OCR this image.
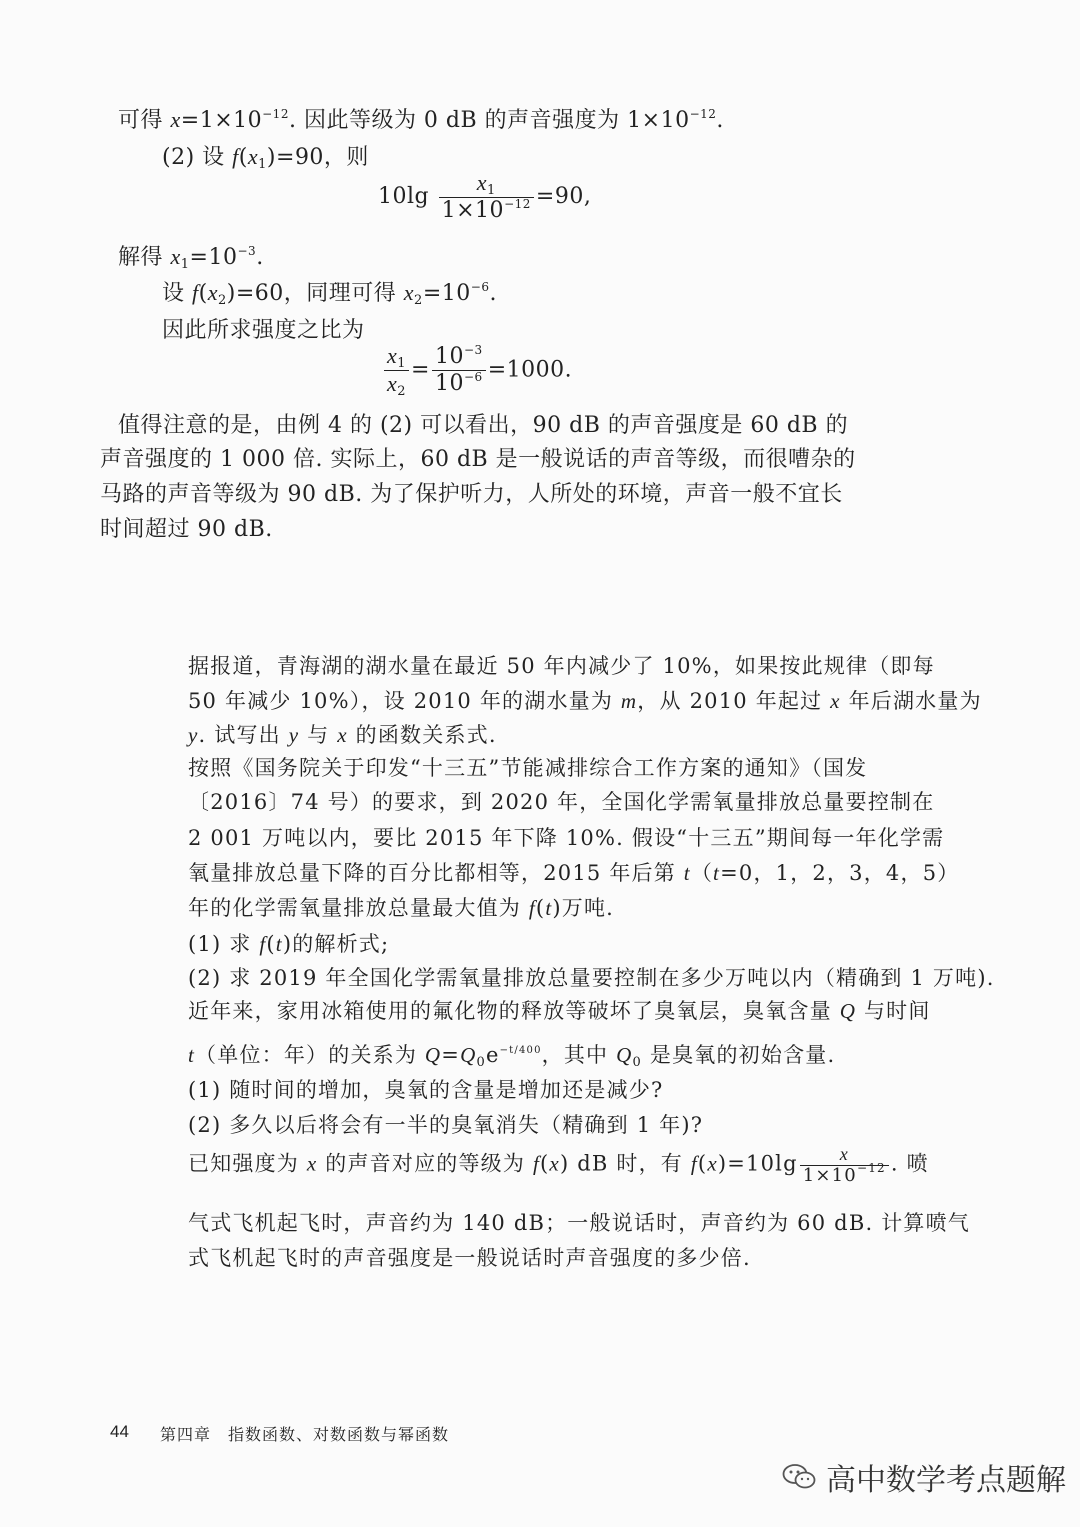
可得 $x=1\times 10^{-12}$. 因此等级为 0 dB 的声音强度为 $1\times 10^{-12}$.
(2) 设 $f(x_1)=90$，则
$10\lg \frac{x_1}{1\times 10^{-12}} =90$,
解得 $x_1=10^{-3}$.
设 $f(x_2)=60$，同理可得 $x_2=10^{-6}$.
因此所求强度之比为
$\frac{x_1}{x_2} = \frac{10^{-3}}{10^{-6}} =1000$.
值得注意的是，由例 4 的 (2) 可以看出，90 dB 的声音强度是 60 dB 的
声音强度的 1 000 倍. 实际上，60 dB 是一般说话的声音等级，而很嘈杂的
马路的声音等级为 90 dB. 为了保护听力，人所处的环境，声音一般不宜长
时间超过 90 dB.
据报道，青海湖的湖水量在最近 50 年内减少了 10%，如果按此规律（即每
50 年减少 10%），设 2010 年的湖水量为 m，从 2010 年起过 x 年后湖水量为
y. 试写出 y 与 x 的函数关系式.
按照《国务院关于印发“十三五”节能减排综合工作方案的通知》（国发
〔2016〕74 号）的要求，到 2020 年，全国化学需氧量排放总量要控制在
2 001 万吨以内，要比 2015 年下降 10%. 假设“十三五”期间每一年化学需
氧量排放总量下降的百分比都相等，2015 年后第 t（t=0，1，2，3，4，5）
年的化学需氧量排放总量最大值为 f(t)万吨.
(1) 求 f(t)的解析式;
(2) 求 2019 年全国化学需氧量排放总量要控制在多少万吨以内（精确到 1 万吨).
近年来，家用冰箱使用的氟化物的释放等破坏了臭氧层，臭氧含量 Q 与时间
t（单位：年）的关系为 $Q=Q_0e^{-t/400}$，其中 $Q_0$ 是臭氧的初始含量.
(1) 随时间的增加，臭氧的含量是增加还是减少?
(2) 多久以后将会有一半的臭氧消失（精确到 1 年)?
已知强度为 x 的声音对应的等级为 f(x) dB 时，有 $f(x)=10\lg \frac{x}{1\times 10^{-12}}$ . 喷
气式飞机起飞时，声音约为 140 dB；一般说话时，声音约为 60 dB. 计算喷气
式飞机起飞时的声音强度是一般说话时声音强度的多少倍.
44 第四章　指数函数、对数函数与幂函数
高中数学考点题解
